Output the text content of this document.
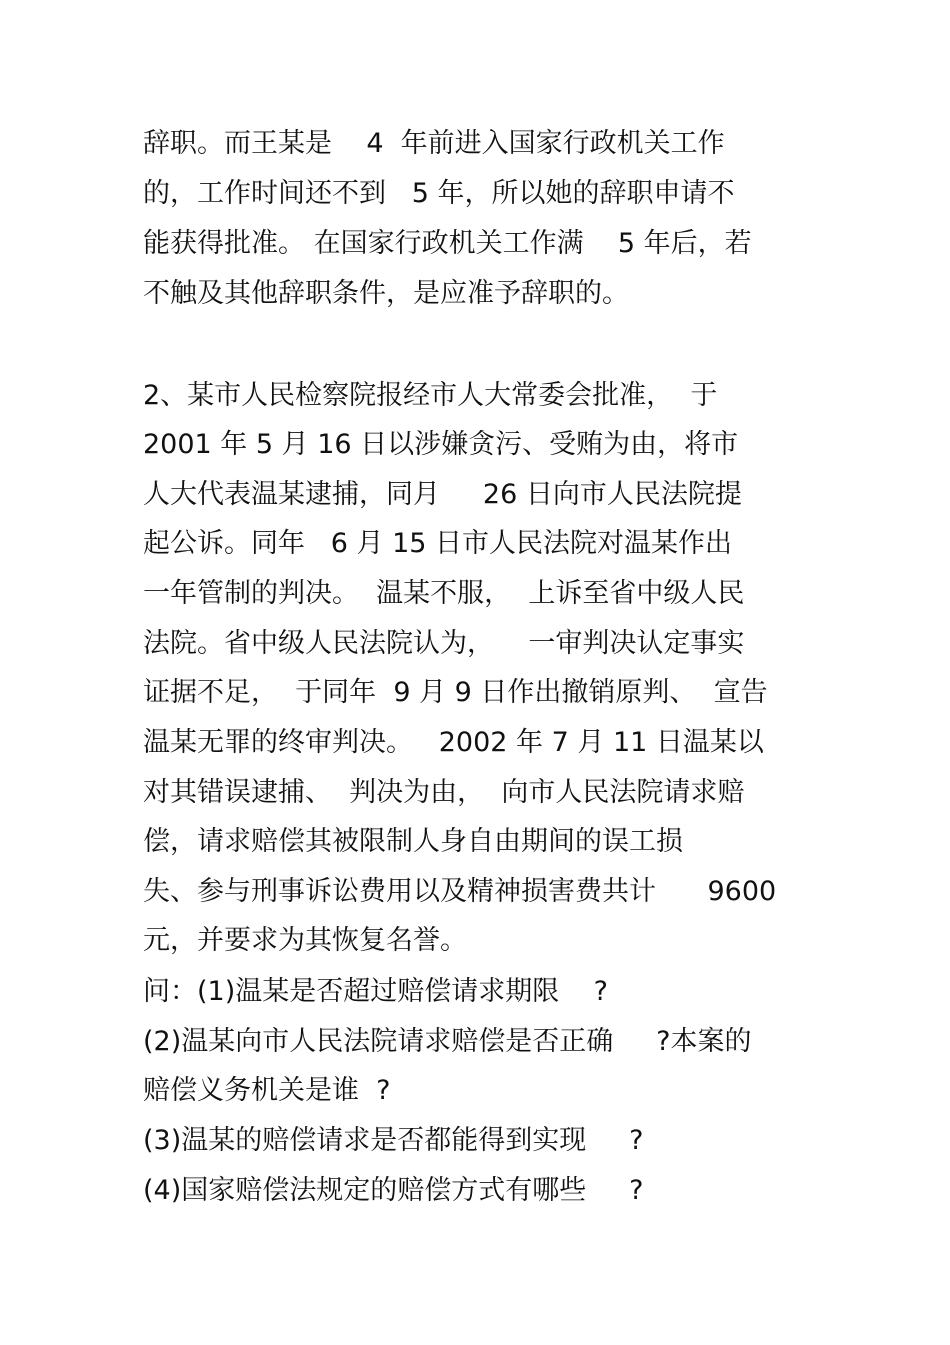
辞职。而王某是    4  年前进入国家行政机关工作
的，工作时间还不到   5 年，所以她的辞职申请不
能获得批准。 在国家行政机关工作满    5 年后，若
不触及其他辞职条件，是应准予辞职的。
2、某市人民检察院报经市人大常委会批准，  于
2001 年 5 月 16 日以涉嫌贪污、受贿为由，将市
人大代表温某逮捕，同月     26 日向市人民法院提
起公诉。同年   6 月 15 日市人民法院对温某作出
一年管制的判决。  温某不服，  上诉至省中级人民
法院。省中级人民法院认为，    一审判决认定事实
证据不足，  于同年  9 月 9 日作出撤销原判、  宣告
温某无罪的终审判决。   2002 年 7 月 11 日温某以
对其错误逮捕、  判决为由，  向市人民法院请求赔
偿，请求赔偿其被限制人身自由期间的误工损
失、参与刑事诉讼费用以及精神损害费共计      9600
元，并要求为其恢复名誉。
问：(1)温某是否超过赔偿请求期限    ?
(2)温某向市人民法院请求赔偿是否正确     ?本案的
赔偿义务机关是谁  ?
(3)温某的赔偿请求是否都能得到实现     ?
(4)国家赔偿法规定的赔偿方式有哪些     ?
